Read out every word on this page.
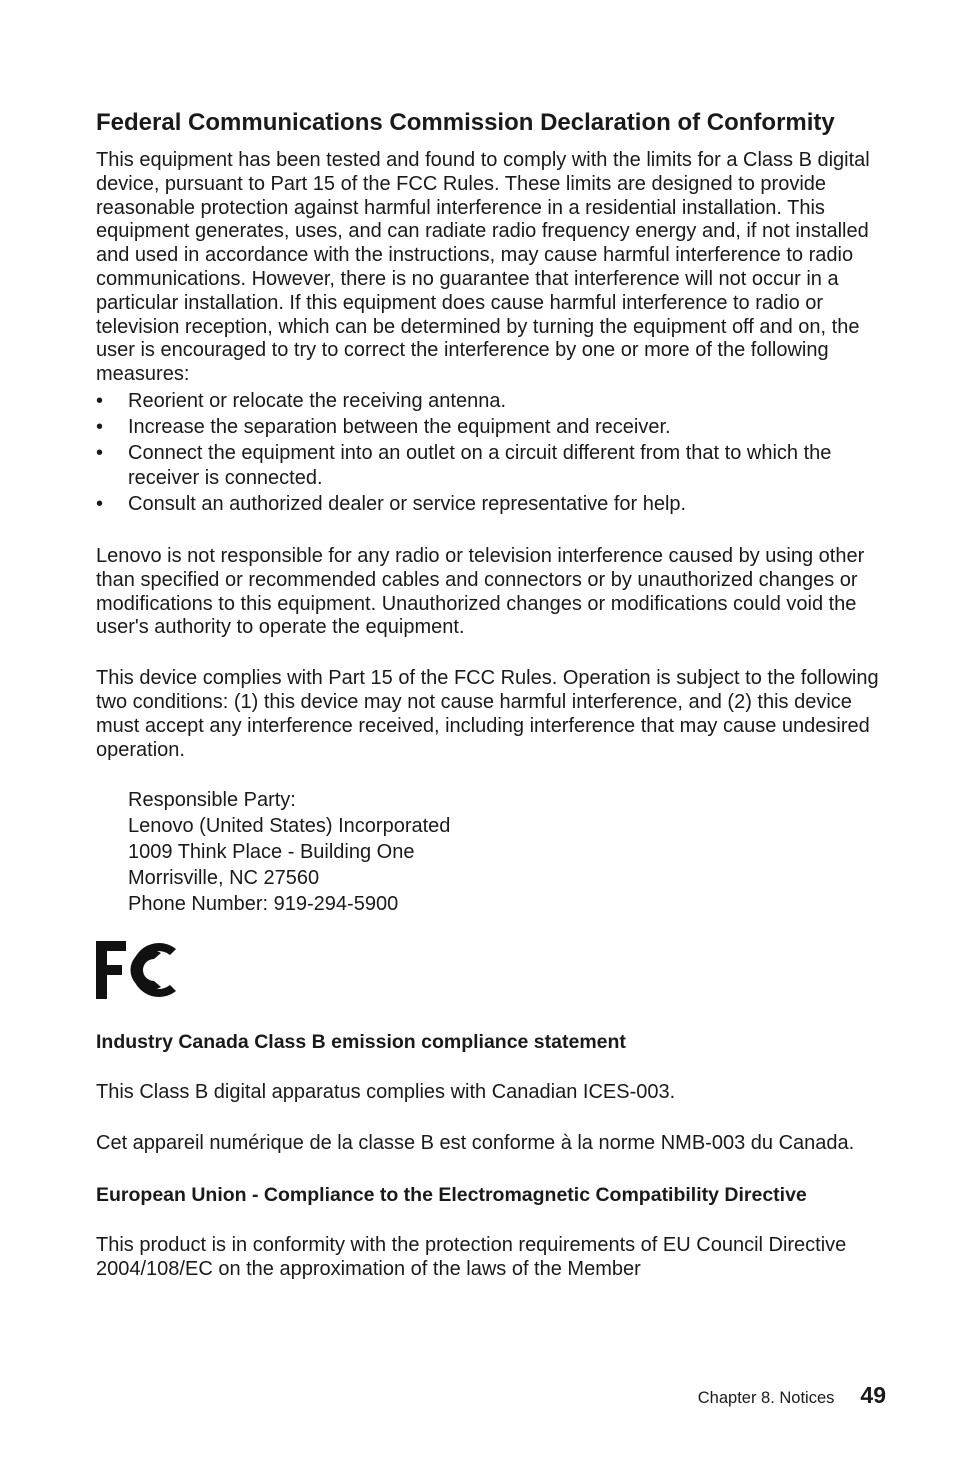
Federal Communications Commission Declaration of Conformity

This equipment has been tested and found to comply with the limits for a Class B digital device, pursuant to Part 15 of the FCC Rules. These limits are designed to provide reasonable protection against harmful interference in a residential installation. This equipment generates, uses, and can radiate radio frequency energy and, if not installed and used in accordance with the instructions, may cause harmful interference to radio communications. However, there is no guarantee that interference will not occur in a particular installation. If this equipment does cause harmful interference to radio or television reception, which can be determined by turning the equipment off and on, the user is encouraged to try to correct the interference by one or more of the following measures:

• Reorient or relocate the receiving antenna.
• Increase the separation between the equipment and receiver.
• Connect the equipment into an outlet on a circuit different from that to which the receiver is connected.
• Consult an authorized dealer or service representative for help.

Lenovo is not responsible for any radio or television interference caused by using other than specified or recommended cables and connectors or by unauthorized changes or modifications to this equipment. Unauthorized changes or modifications could void the user's authority to operate the equipment.

This device complies with Part 15 of the FCC Rules. Operation is subject to the following two conditions: (1) this device may not cause harmful interference, and (2) this device must accept any interference received, including interference that may cause undesired operation.

Responsible Party:
Lenovo (United States) Incorporated
1009 Think Place - Building One
Morrisville, NC 27560
Phone Number: 919-294-5900
Industry Canada Class B emission compliance statement

This Class B digital apparatus complies with Canadian ICES-003.

Cet appareil numérique de la classe B est conforme à la norme NMB-003 du Canada.

European Union - Compliance to the Electromagnetic Compatibility Directive

This product is in conformity with the protection requirements of EU Council Directive 2004/108/EC on the approximation of the laws of the Member

Chapter 8. Notices 49
